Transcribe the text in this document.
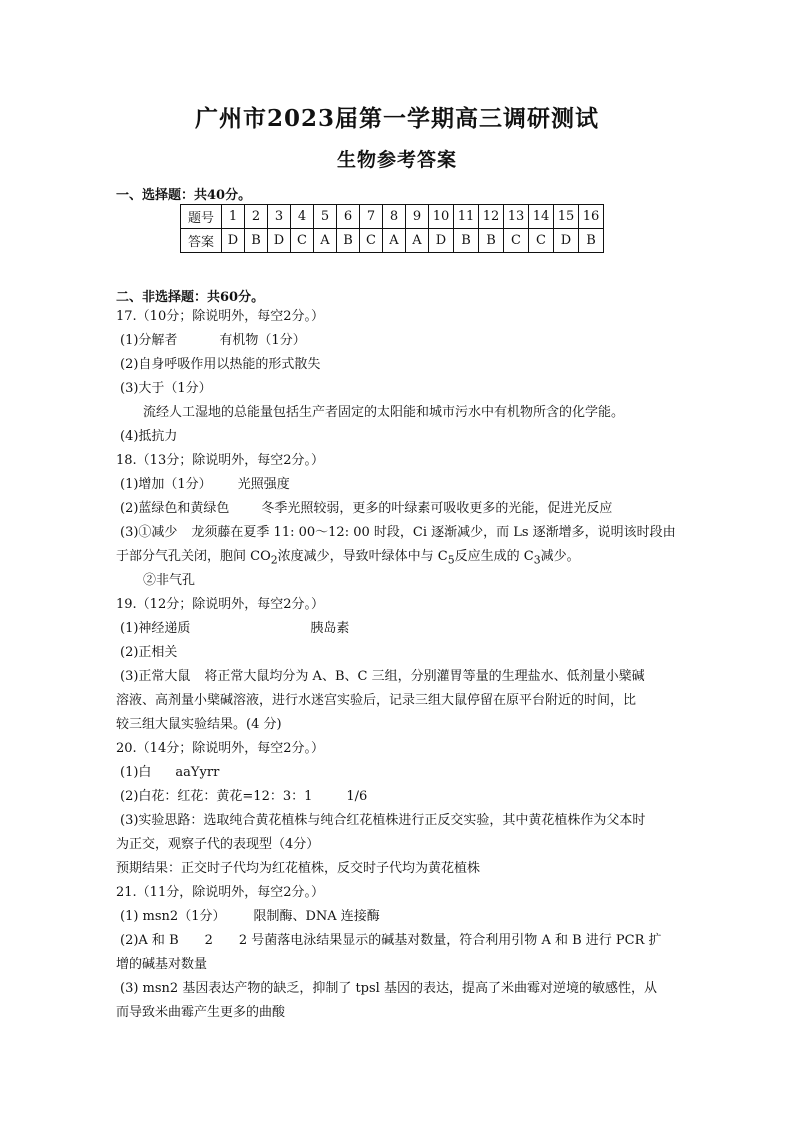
广州市2023届第一学期高三调研测试
生物参考答案
一、选择题：共40分。
题号	1	2	3	4	5	6	7	8	9	10	11	12	13	14	15	16
答案	D	B	D	C	A	B	C	A	A	D	B	B	C	C	D	B
二、非选择题：共60分。
17.（10分；除说明外，每空2分。）
(1)分解者	有机物（1分）
(2)自身呼吸作用以热能的形式散失
(3)大于（1分）
流经人工湿地的总能量包括生产者固定的太阳能和城市污水中有机物所含的化学能。
(4)抵抗力
18.（13分；除说明外，每空2分。）
(1)增加（1分） 光照强度
(2)蓝绿色和黄绿色 冬季光照较弱，更多的叶绿素可吸收更多的光能，促进光反应
(3)①减少 龙须藤在夏季 11: 00～12: 00 时段，Ci 逐渐减少，而 Ls 逐渐增多，说明该时段由
于部分气孔关闭，胞间 $CO_2$浓度减少，导致叶绿体中与 $C_5$反应生成的 $C_3$减少。
②非气孔
19.（12分；除说明外，每空2分。）
(1)神经递质	胰岛素
(2)正相关
(3)正常大鼠 将正常大鼠均分为 A、B、C 三组，分别灌胃等量的生理盐水、低剂量小檗碱
溶液、高剂量小檗碱溶液，进行水迷宫实验后，记录三组大鼠停留在原平台附近的时间，比
较三组大鼠实验结果。(4 分)
20.（14分；除说明外，每空2分。）
(1)白 aaYyrr
(2)白花：红花：黄花=12：3：1	1/6
(3)实验思路：选取纯合黄花植株与纯合红花植株进行正反交实验，其中黄花植株作为父本时
为正交，观察子代的表现型（4分）
预期结果：正交时子代均为红花植株，反交时子代均为黄花植株
21.（11分，除说明外，每空2分。）
(1) msn2（1分） 限制酶、DNA 连接酶
(2)A 和 B 2 2 号菌落电泳结果显示的碱基对数量，符合利用引物 A 和 B 进行 PCR 扩
增的碱基对数量
(3) msn2 基因表达产物的缺乏，抑制了 tpsl 基因的表达，提高了米曲霉对逆境的敏感性，从
而导致米曲霉产生更多的曲酸
